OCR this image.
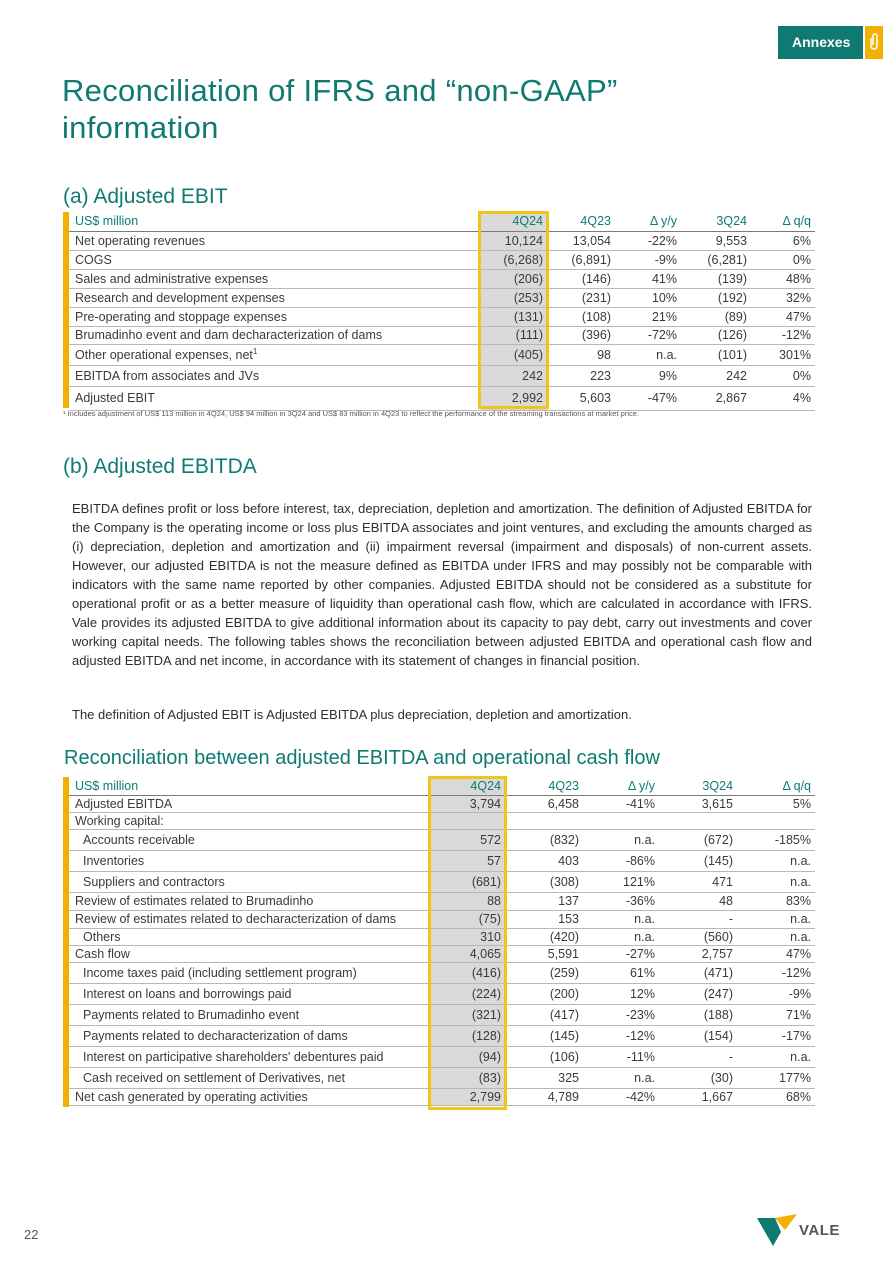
Annexes
Reconciliation of IFRS and “non-GAAP” information
(a) Adjusted EBIT
US$ million	4Q24	4Q23	Δ y/y	3Q24	Δ q/q
Net operating revenues	10,124	13,054	-22%	9,553	6%
COGS	(6,268)	(6,891)	-9%	(6,281)	0%
Sales and administrative expenses	(206)	(146)	41%	(139)	48%
Research and development expenses	(253)	(231)	10%	(192)	32%
Pre-operating and stoppage expenses	(131)	(108)	21%	(89)	47%
Brumadinho event and dam decharacterization of dams	(111)	(396)	-72%	(126)	-12%
Other operational expenses, net$^1$	(405)	98	n.a.	(101)	301%
EBITDA from associates and JVs	242	223	9%	242	0%
Adjusted EBIT	2,992	5,603	-47%	2,867	4%
¹ Includes adjustment of US$ 113 million in 4Q24, US$ 94 million in 3Q24 and US$ 83 million in 4Q23 to reflect the performance of the streaming transactions at market price.
(b) Adjusted EBITDA
EBITDA defines profit or loss before interest, tax, depreciation, depletion and amortization. The definition of Adjusted EBITDA for the Company is the operating income or loss plus EBITDA associates and joint ventures, and excluding the amounts charged as (i) depreciation, depletion and amortization and (ii) impairment reversal (impairment and disposals) of non-current assets. However, our adjusted EBITDA is not the measure defined as EBITDA under IFRS and may possibly not be comparable with indicators with the same name reported by other companies. Adjusted EBITDA should not be considered as a substitute for operational profit or as a better measure of liquidity than operational cash flow, which are calculated in accordance with IFRS. Vale provides its adjusted EBITDA to give additional information about its capacity to pay debt, carry out investments and cover working capital needs. The following tables shows the reconciliation between adjusted EBITDA and operational cash flow and adjusted EBITDA and net income, in accordance with its statement of changes in financial position.
The definition of Adjusted EBIT is Adjusted EBITDA plus depreciation, depletion and amortization.
Reconciliation between adjusted EBITDA and operational cash flow
US$ million	4Q24	4Q23	Δ y/y	3Q24	Δ q/q
Adjusted EBITDA	3,794	6,458	-41%	3,615	5%
Working capital:					
Accounts receivable	572	(832)	n.a.	(672)	-185%
Inventories	57	403	-86%	(145)	n.a.
Suppliers and contractors	(681)	(308)	121%	471	n.a.
Review of estimates related to Brumadinho	88	137	-36%	48	83%
Review of estimates related to decharacterization of dams	(75)	153	n.a.	-	n.a.
Others	310	(420)	n.a.	(560)	n.a.
Cash flow	4,065	5,591	-27%	2,757	47%
Income taxes paid (including settlement program)	(416)	(259)	61%	(471)	-12%
Interest on loans and borrowings paid	(224)	(200)	12%	(247)	-9%
Payments related to Brumadinho event	(321)	(417)	-23%	(188)	71%
Payments related to decharacterization of dams	(128)	(145)	-12%	(154)	-17%
Interest on participative shareholders' debentures paid	(94)	(106)	-11%	-	n.a.
Cash received on settlement of Derivatives, net	(83)	325	n.a.	(30)	177%
Net cash generated by operating activities	2,799	4,789	-42%	1,667	68%
22	VALE
